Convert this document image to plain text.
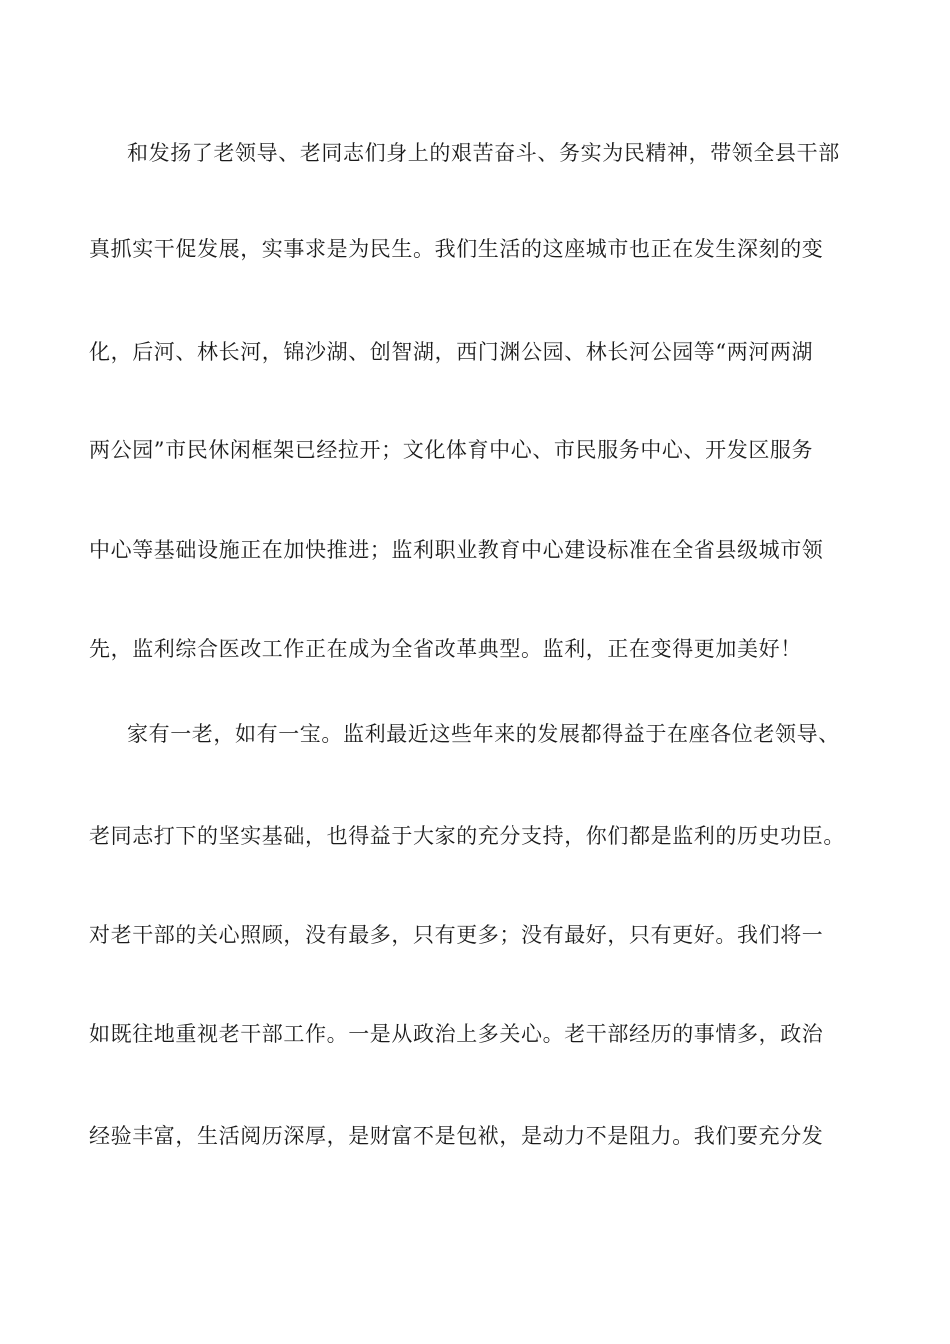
和发扬了老领导、老同志们身上的艰苦奋斗、务实为民精神，带领全县干部
真抓实干促发展，实事求是为民生。我们生活的这座城市也正在发生深刻的变
化，后河、林长河，锦沙湖、创智湖，西门渊公园、林长河公园等“两河两湖
两公园”市民休闲框架已经拉开；文化体育中心、市民服务中心、开发区服务
中心等基础设施正在加快推进；监利职业教育中心建设标准在全省县级城市领
先，监利综合医改工作正在成为全省改革典型。监利，正在变得更加美好！
家有一老，如有一宝。监利最近这些年来的发展都得益于在座各位老领导、
老同志打下的坚实基础，也得益于大家的充分支持，你们都是监利的历史功臣。
对老干部的关心照顾，没有最多，只有更多；没有最好，只有更好。我们将一
如既往地重视老干部工作。一是从政治上多关心。老干部经历的事情多，政治
经验丰富，生活阅历深厚，是财富不是包袱，是动力不是阻力。我们要充分发
